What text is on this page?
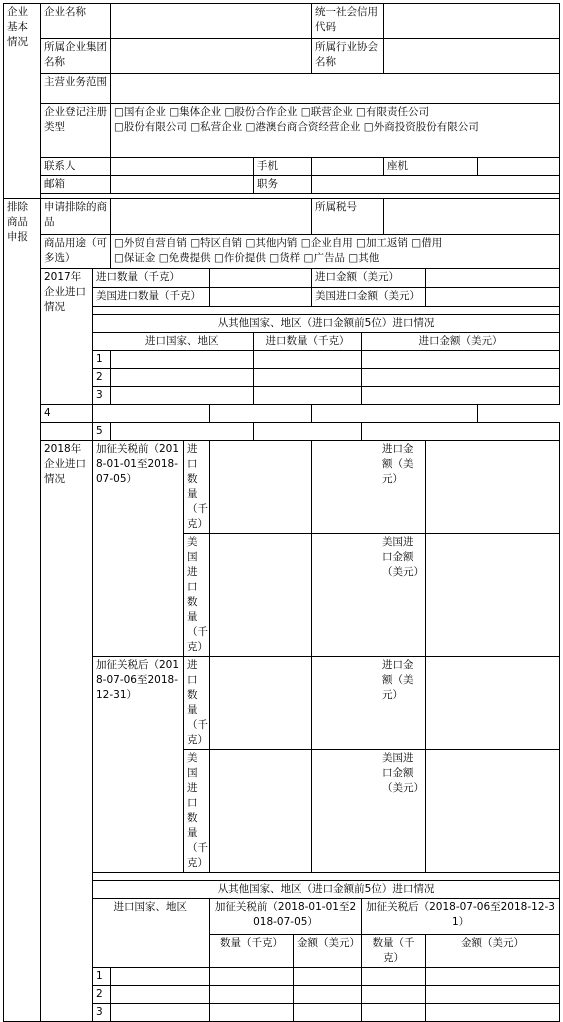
企业基本情况	企业名称							统一社会信用代码				
	所属企业集团名称							所属行业协会名称				
	主营业务范围											
	企业登记注册类型		□国有企业 □集体企业 □股份合作企业 □联营企业 □有限责任公司
□股份有限公司 □私营企业 □港澳台商合资经营企业 □外商投资股份有限公司									

	联系人					手机				座机		
	邮箱					职务						

排除商品申报	申请排除的商品							所属税号				
	商品用途（可多选）		□外贸自营自销 □特区自销 □其他内销 □企业自用 □加工返销 □借用
□保证金 □免费提供 □作价提供 □货样 □广告品 □其他									

	2017年企业进口情况	进口数量（千克）						进口金额（美元）				
		美国进口数量（千克）						美国进口金额（美元）				

		从其他国家、地区（进口金额前5位）进口情况										
			进口国家、地区			进口数量（千克）			进口金额（美元）			
		1										
		2										
		3										
	4											
		5										
	2018年企业进口情况	加征关税前（2018-01-01至2018-07-05）		进口数量（千克）				进口金额（美元）				
				美国进口数量（千克）				美国进口金额（美元）				
		加征关税后（2018-07-06至2018-12-31）		进口数量（千克）				进口金额（美元）				
				美国进口数量（千克）				美国进口金额（美元）				

		从其他国家、地区（进口金额前5位）进口情况										
			进口国家、地区		加征关税前（2018-01-01至2018-07-05）				加征关税后（2018-07-06至2018-12-31）			
					数量（千克）		金额（美元）		数量（千克）		金额（美元）	
		1										
		2										
		3										
